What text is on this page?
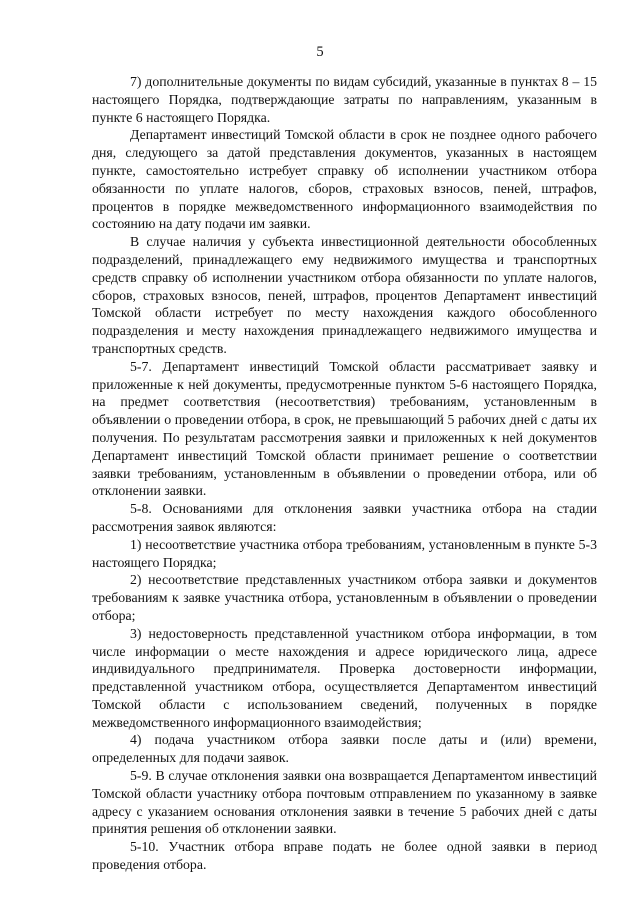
5

7) дополнительные документы по видам субсидий, указанные в пунктах 8 – 15 настоящего Порядка, подтверждающие затраты по направлениям, указанным в пункте 6 настоящего Порядка.

Департамент инвестиций Томской области в срок не позднее одного рабочего дня, следующего за датой представления документов, указанных в настоящем пункте, самостоятельно истребует справку об исполнении участником отбора обязанности по уплате налогов, сборов, страховых взносов, пеней, штрафов, процентов в порядке межведомственного информационного взаимодействия по состоянию на дату подачи им заявки.

В случае наличия у субъекта инвестиционной деятельности обособленных подразделений, принадлежащего ему недвижимого имущества и транспортных средств справку об исполнении участником отбора обязанности по уплате налогов, сборов, страховых взносов, пеней, штрафов, процентов Департамент инвестиций Томской области истребует по месту нахождения каждого обособленного подразделения и месту нахождения принадлежащего недвижимого имущества и транспортных средств.

5-7. Департамент инвестиций Томской области рассматривает заявку и приложенные к ней документы, предусмотренные пунктом 5-6 настоящего Порядка, на предмет соответствия (несоответствия) требованиям, установленным в объявлении о проведении отбора, в срок, не превышающий 5 рабочих дней с даты их получения. По результатам рассмотрения заявки и приложенных к ней документов Департамент инвестиций Томской области принимает решение о соответствии заявки требованиям, установленным в объявлении о проведении отбора, или об отклонении заявки.

5-8. Основаниями для отклонения заявки участника отбора на стадии рассмотрения заявок являются:

1) несоответствие участника отбора требованиям, установленным в пункте 5-3 настоящего Порядка;

2) несоответствие представленных участником отбора заявки и документов требованиям к заявке участника отбора, установленным в объявлении о проведении отбора;

3) недостоверность представленной участником отбора информации, в том числе информации о месте нахождения и адресе юридического лица, адресе индивидуального предпринимателя. Проверка достоверности информации, представленной участником отбора, осуществляется Департаментом инвестиций Томской области с использованием сведений, полученных в порядке межведомственного информационного взаимодействия;

4) подача участником отбора заявки после даты и (или) времени, определенных для подачи заявок.

5-9. В случае отклонения заявки она возвращается Департаментом инвестиций Томской области участнику отбора почтовым отправлением по указанному в заявке адресу с указанием основания отклонения заявки в течение 5 рабочих дней с даты принятия решения об отклонении заявки.

5-10. Участник отбора вправе подать не более одной заявки в период проведения отбора.
